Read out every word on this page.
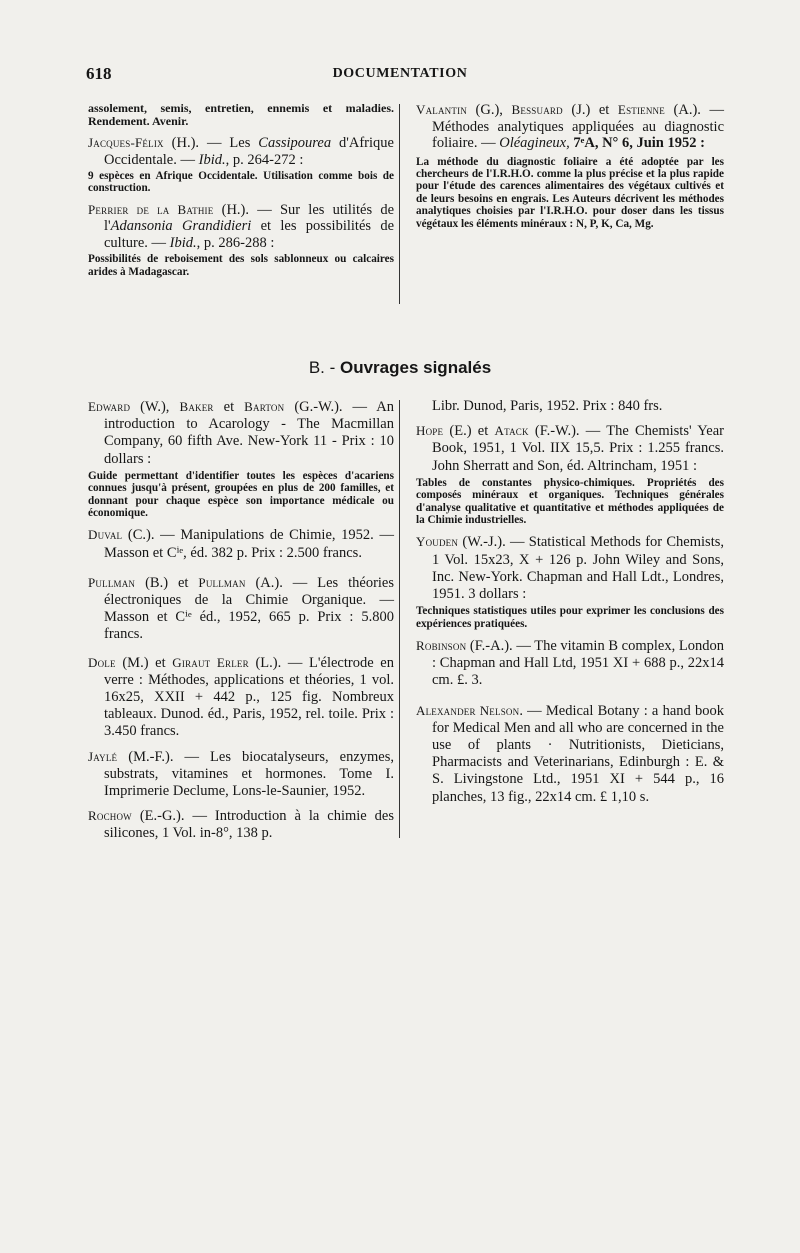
618	DOCUMENTATION
assolement, semis, entretien, ennemis et maladies. Rendement. Avenir.
Jacques-Félix (H.). — Les Cassipourea d'Afrique Occidentale. — Ibid., p. 264-272 :
9 espèces en Afrique Occidentale. Utilisation comme bois de construction.
Perrier de la Bathie (H.). — Sur les utilités de l'Adansonia Grandidieri et les possibilités de culture. — Ibid., p. 286-288 :
Possibilités de reboisement des sols sablonneux ou calcaires arides à Madagascar.
Valantin (G.), Bessuard (J.) et Estienne (A.). — Méthodes analytiques appliquées au diagnostic foliaire. — Oléagineux, 7ᵉA, N° 6, Juin 1952 :
La méthode du diagnostic foliaire a été adoptée par les chercheurs de l'I.R.H.O. comme la plus précise et la plus rapide pour l'étude des carences alimentaires des végétaux cultivés et de leurs besoins en engrais. Les Auteurs décrivent les méthodes analytiques choisies par l'I.R.H.O. pour doser dans les tissus végétaux les éléments minéraux : N, P, K, Ca, Mg.
B. - Ouvrages signalés
Edward (W.), Baker et Barton (G.-W.). — An introduction to Acarology - The Macmillan Company, 60 fifth Ave. New-York 11 - Prix : 10 dollars :
Guide permettant d'identifier toutes les espèces d'acariens connues jusqu'à présent, groupées en plus de 200 familles, et donnant pour chaque espèce son importance médicale ou économique.
Duval (C.). — Manipulations de Chimie, 1952. — Masson et Cⁱᵉ, éd. 382 p. Prix : 2.500 francs.
Pullman (B.) et Pullman (A.). — Les théories électroniques de la Chimie Organique. — Masson et Cⁱᵉ éd., 1952, 665 p. Prix : 5.800 francs.
Dole (M.) et Giraut Erler (L.). — L'électrode en verre : Méthodes, applications et théories, 1 vol. 16x25, XXII + 442 p., 125 fig. Nombreux tableaux. Dunod. éd., Paris, 1952, rel. toile. Prix : 3.450 francs.
Jaylé (M.-F.). — Les biocatalyseurs, enzymes, substrats, vitamines et hormones. Tome I. Imprimerie Declume, Lons-le-Saunier, 1952.
Rochow (E.-G.). — Introduction à la chimie des silicones, 1 Vol. in-8°, 138 p.
Libr. Dunod, Paris, 1952. Prix : 840 frs.
Hope (E.) et Atack (F.-W.). — The Chemists' Year Book, 1951, 1 Vol. IIX 15,5. Prix : 1.255 francs. John Sherratt and Son, éd. Altrincham, 1951 :
Tables de constantes physico-chimiques. Propriétés des composés minéraux et organiques. Techniques générales d'analyse qualitative et quantitative et méthodes appliquées de la Chimie industrielles.
Youden (W.-J.). — Statistical Methods for Chemists, 1 Vol. 15x23, X + 126 p. John Wiley and Sons, Inc. New-York. Chapman and Hall Ldt., Londres, 1951. 3 dollars :
Techniques statistiques utiles pour exprimer les conclusions des expériences pratiquées.
Robinson (F.-A.). — The vitamin B complex, London : Chapman and Hall Ltd, 1951 XI + 688 p., 22x14 cm. £. 3.
Alexander Nelson. — Medical Botany : a hand book for Medical Men and all who are concerned in the use of plants · Nutritionists, Dieticians, Pharmacists and Veterinarians, Edinburgh : E. & S. Livingstone Ltd., 1951 XI + 544 p., 16 planches, 13 fig., 22x14 cm. £ 1,10 s.
